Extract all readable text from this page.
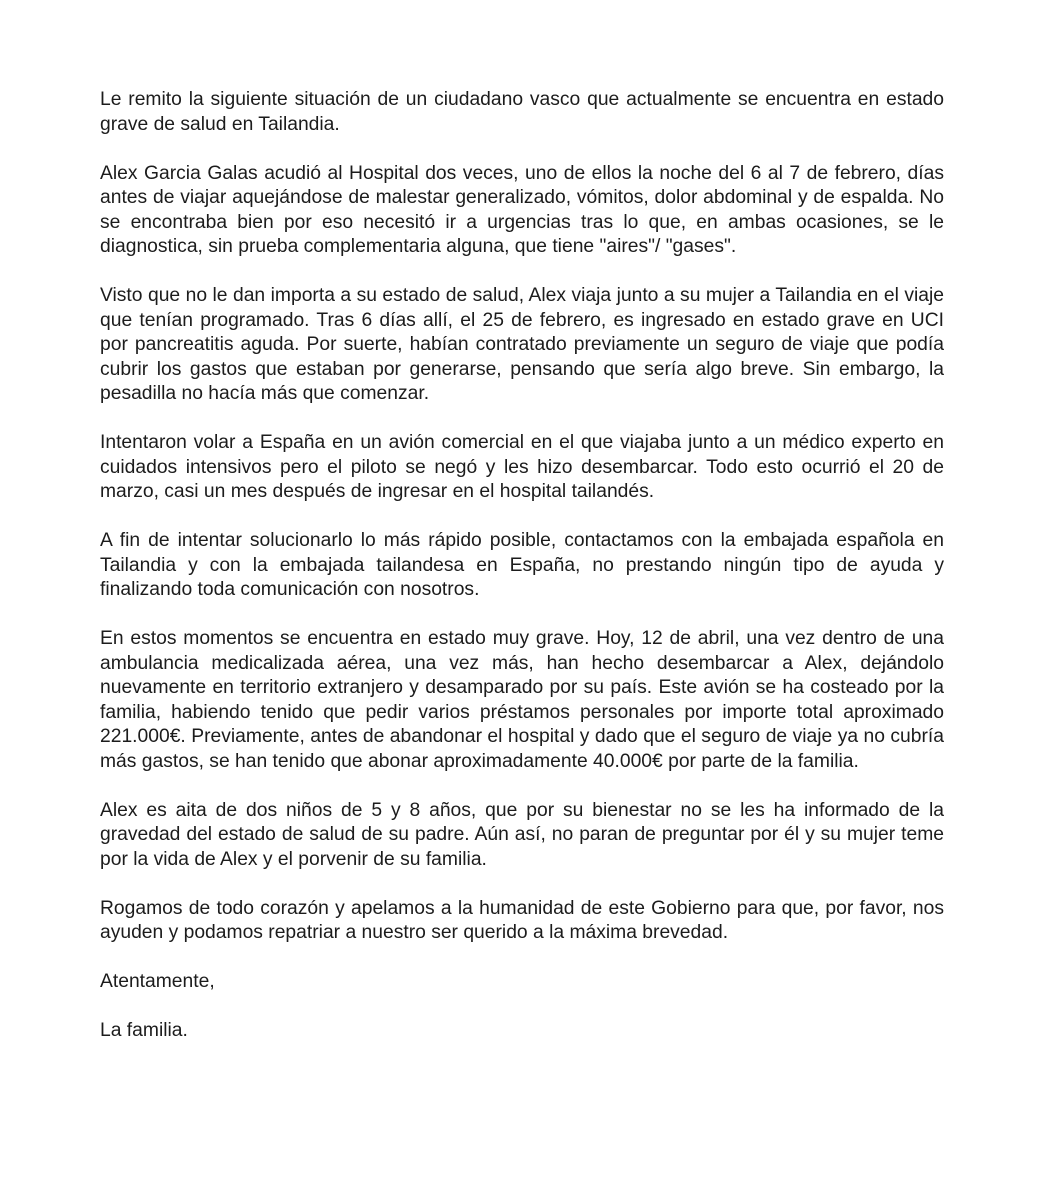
Le remito la siguiente situación de un ciudadano vasco que actualmente se encuentra en estado grave de salud en Tailandia.

Alex Garcia Galas acudió al Hospital dos veces, uno de ellos la noche del 6 al 7 de febrero, días antes de viajar aquejándose de malestar generalizado, vómitos, dolor abdominal y de espalda. No se encontraba bien por eso necesitó ir a urgencias tras lo que, en ambas ocasiones, se le diagnostica, sin prueba complementaria alguna, que tiene "aires"/ "gases".

Visto que no le dan importa a su estado de salud, Alex viaja junto a su mujer a Tailandia en el viaje que tenían programado. Tras 6 días allí, el 25 de febrero, es ingresado en estado grave en UCI por pancreatitis aguda. Por suerte, habían contratado previamente un seguro de viaje que podía cubrir los gastos que estaban por generarse, pensando que sería algo breve. Sin embargo, la pesadilla no hacía más que comenzar.

Intentaron volar a España en un avión comercial en el que viajaba junto a un médico experto en cuidados intensivos pero el piloto se negó y les hizo desembarcar. Todo esto ocurrió el 20 de marzo, casi un mes después de ingresar en el hospital tailandés.

A fin de intentar solucionarlo lo más rápido posible, contactamos con la embajada española en Tailandia y con la embajada tailandesa en España, no prestando ningún tipo de ayuda y finalizando toda comunicación con nosotros.

En estos momentos se encuentra en estado muy grave. Hoy, 12 de abril, una vez dentro de una ambulancia medicalizada aérea, una vez más, han hecho desembarcar a Alex, dejándolo nuevamente en territorio extranjero y desamparado por su país. Este avión se ha costeado por la familia, habiendo tenido que pedir varios préstamos personales por importe total aproximado 221.000€. Previamente, antes de abandonar el hospital y dado que el seguro de viaje ya no cubría más gastos, se han tenido que abonar aproximadamente 40.000€ por parte de la familia.

Alex es aita de dos niños de 5 y 8 años, que por su bienestar no se les ha informado de la gravedad del estado de salud de su padre. Aún así, no paran de preguntar por él y su mujer teme por la vida de Alex y el porvenir de su familia.

Rogamos de todo corazón y apelamos a la humanidad de este Gobierno para que, por favor, nos ayuden y podamos repatriar a nuestro ser querido a la máxima brevedad.

Atentamente,

La familia.
